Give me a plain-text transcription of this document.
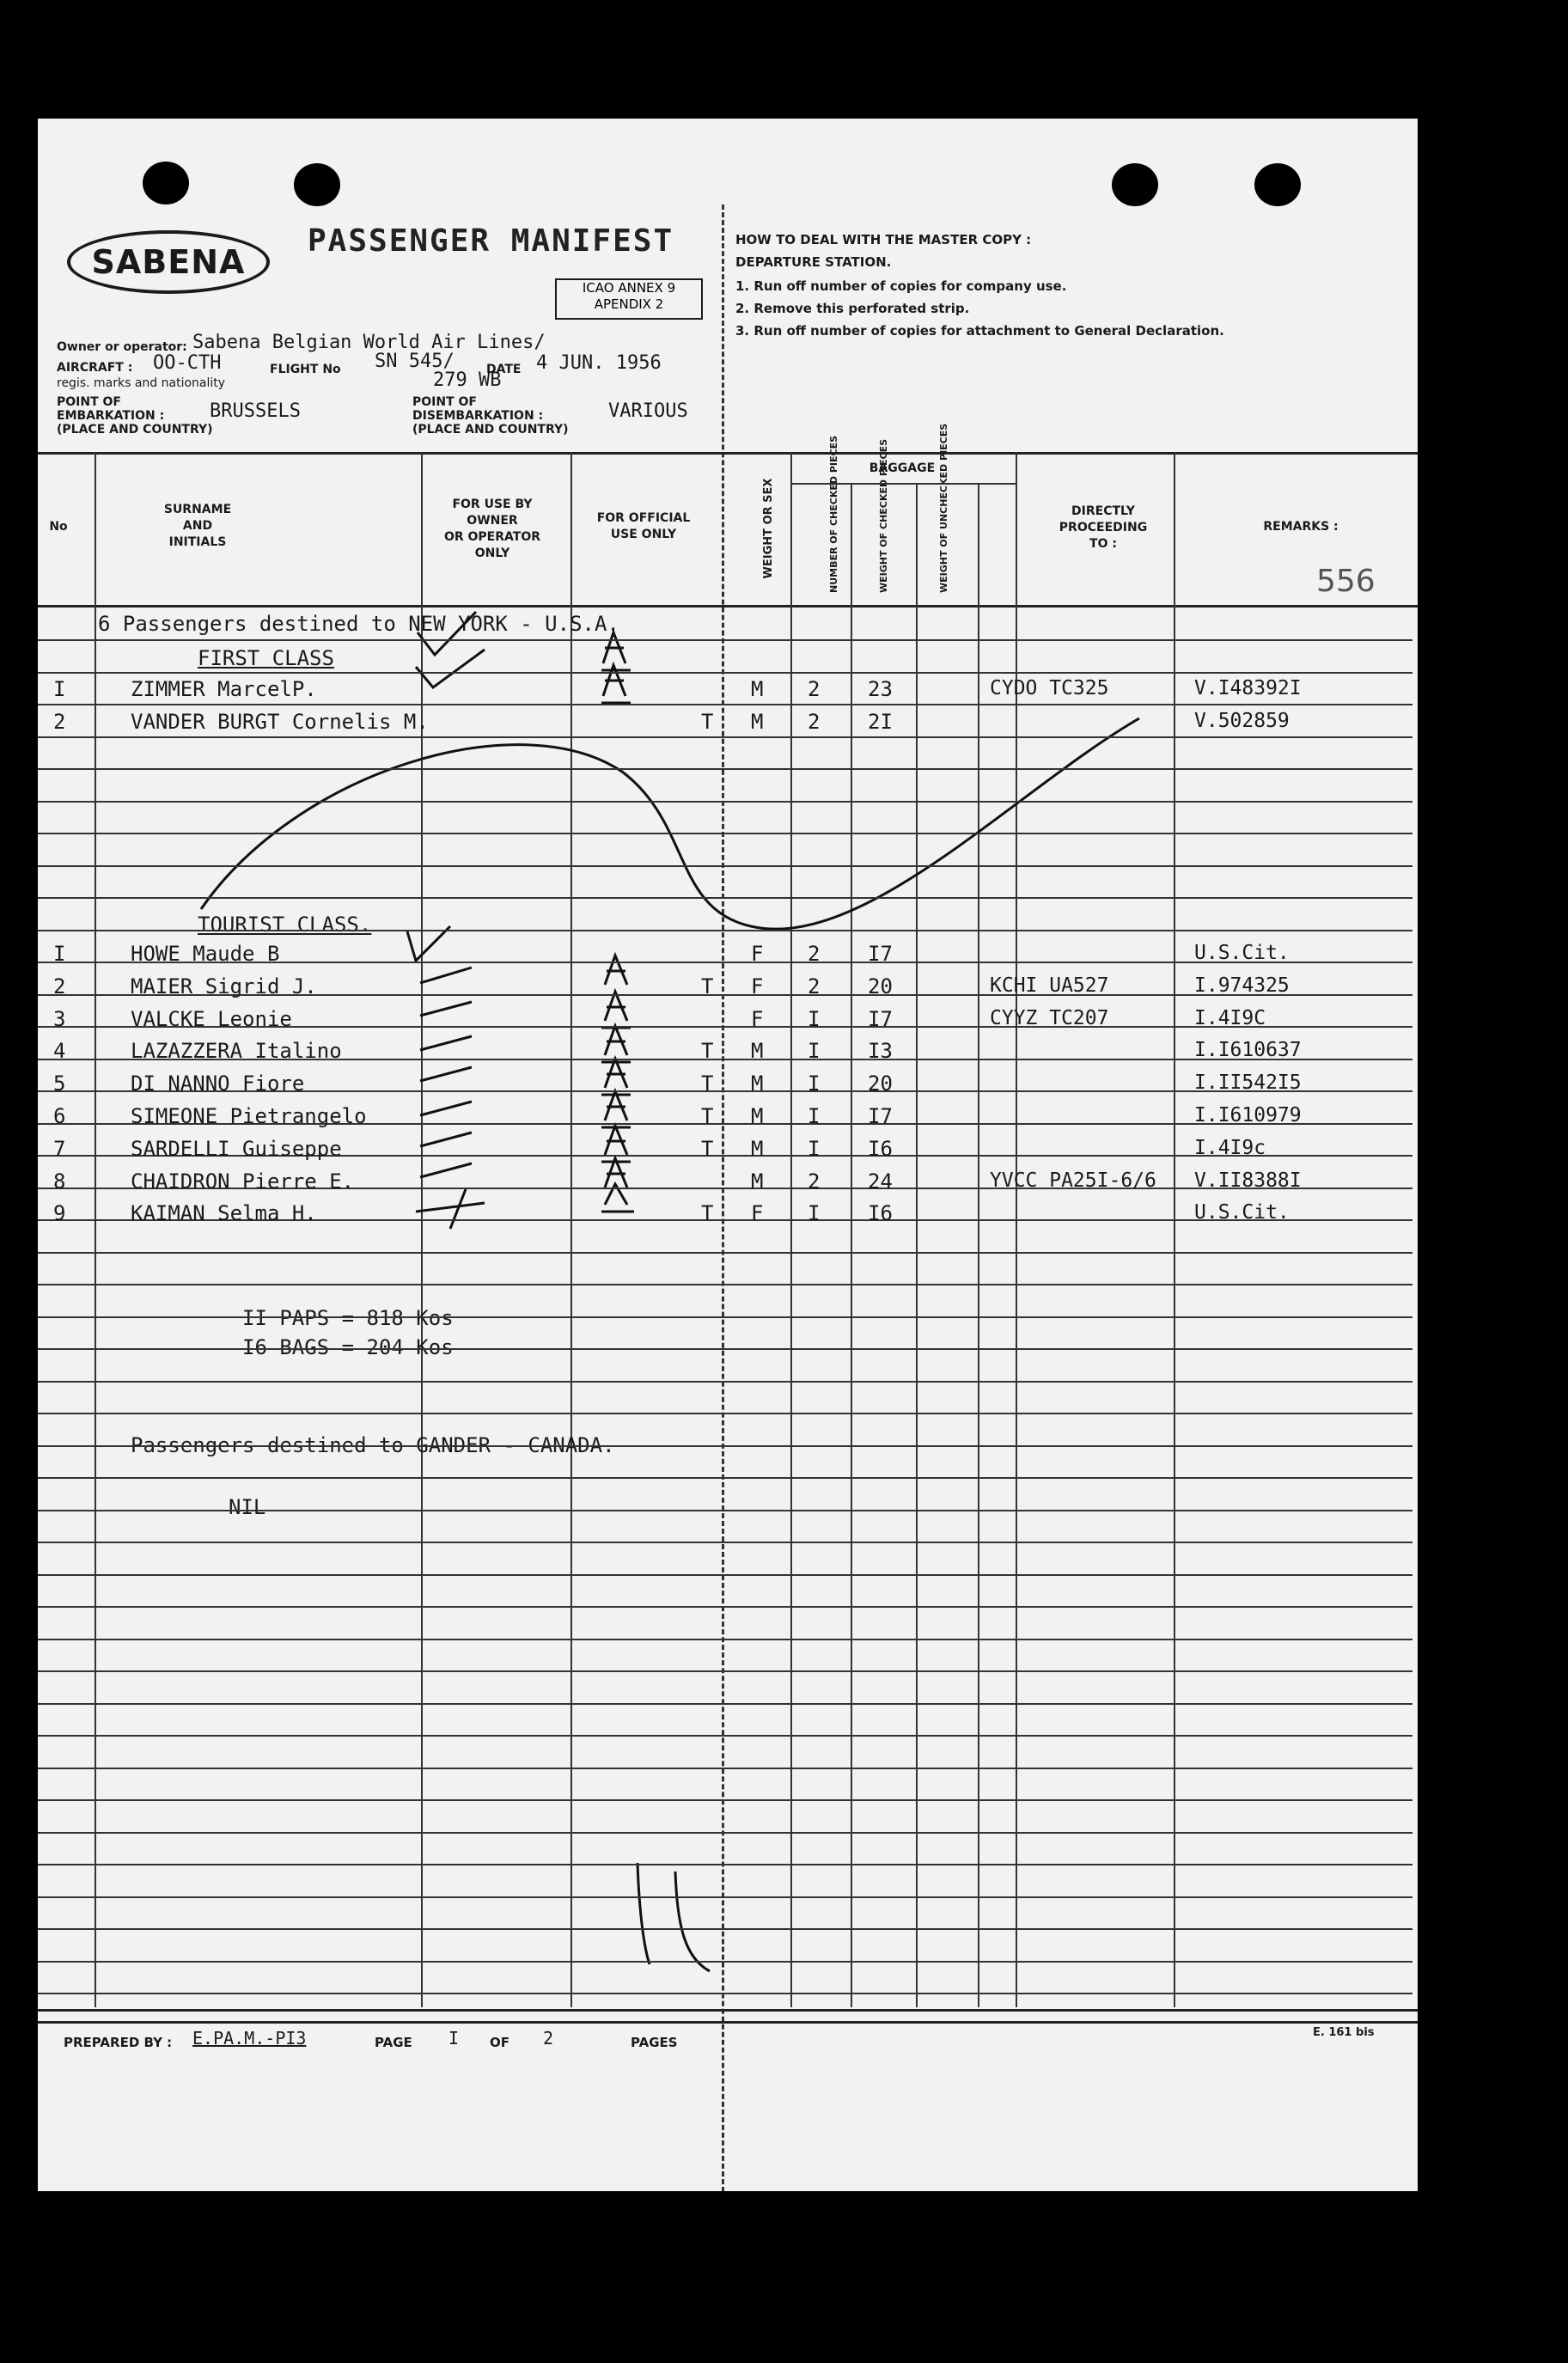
SABENA
PASSENGER MANIFEST
ICAO ANNEX 9
APENDIX 2
Owner or operator: Sabena Belgian World Air Lines/
AIRCRAFT : OO-CTH	FLIGHT No SN 545/
279 WB
DATE 4 JUN. 1956
regis. marks and nationality
POINT OF
EMBARKATION :
(PLACE AND COUNTRY)
BRUSSELS	POINT OF
DISEMBARKATION :
(PLACE AND COUNTRY)
VARIOUS
HOW TO DEAL WITH THE MASTER COPY :
DEPARTURE STATION.
1. Run off number of copies for company use.
2. Remove this perforated strip.
3. Run off number of copies for attachment to General Declaration.
No
SURNAME
AND
INITIALS
FOR USE BY
OWNER
OR OPERATOR
ONLY
FOR OFFICIAL
USE ONLY	WEIGHT OR SEX
BAGGAGE
NUMBER OF CHECKED PIECES	WEIGHT OF CHECKED PIECES	WEIGHT OF UNCHECKED PIECES	DIRECTLY
PROCEEDING
TO :
REMARKS :
556
6 Passengers destined to NEW YORK - U.S.A.
FIRST CLASS
TOURIST CLASS.
II PAPS = 818 Kos
I6 BAGS = 204 Kos
Passengers destined to GANDER - CANADA.
NIL
PREPARED BY : E.PA.M.-PI3	PAGE I OF 2	PAGES
E. 161 bis
I	ZIMMER MarcelP.	M 2 23	CYDO TC325	V.I48392I
2	VANDER BURGT Cornelis M.	T M 2 2I	V.502859
I	HOWE Maude B	F 2 I7	U.S.Cit.
2	MAIER Sigrid J.	T F 2 20	KCHI UA527	I.974325
3	VALCKE Leonie	F I I7	CYYZ TC207	I.4I9C
4	LAZAZZERA Italino	T M I I3	I.I610637
5	DI NANNO Fiore	T M I 20	I.II542I5
6	SIMEONE Pietrangelo	T M I I7	I.I610979
7	SARDELLI Guiseppe	T M I I6	I.4I9c
8	CHAIDRON Pierre E.	M 2 24	YVCC PA25I-6/6 V.II8388I
9	KAIMAN Selma H.	T F I I6	U.S.Cit.
